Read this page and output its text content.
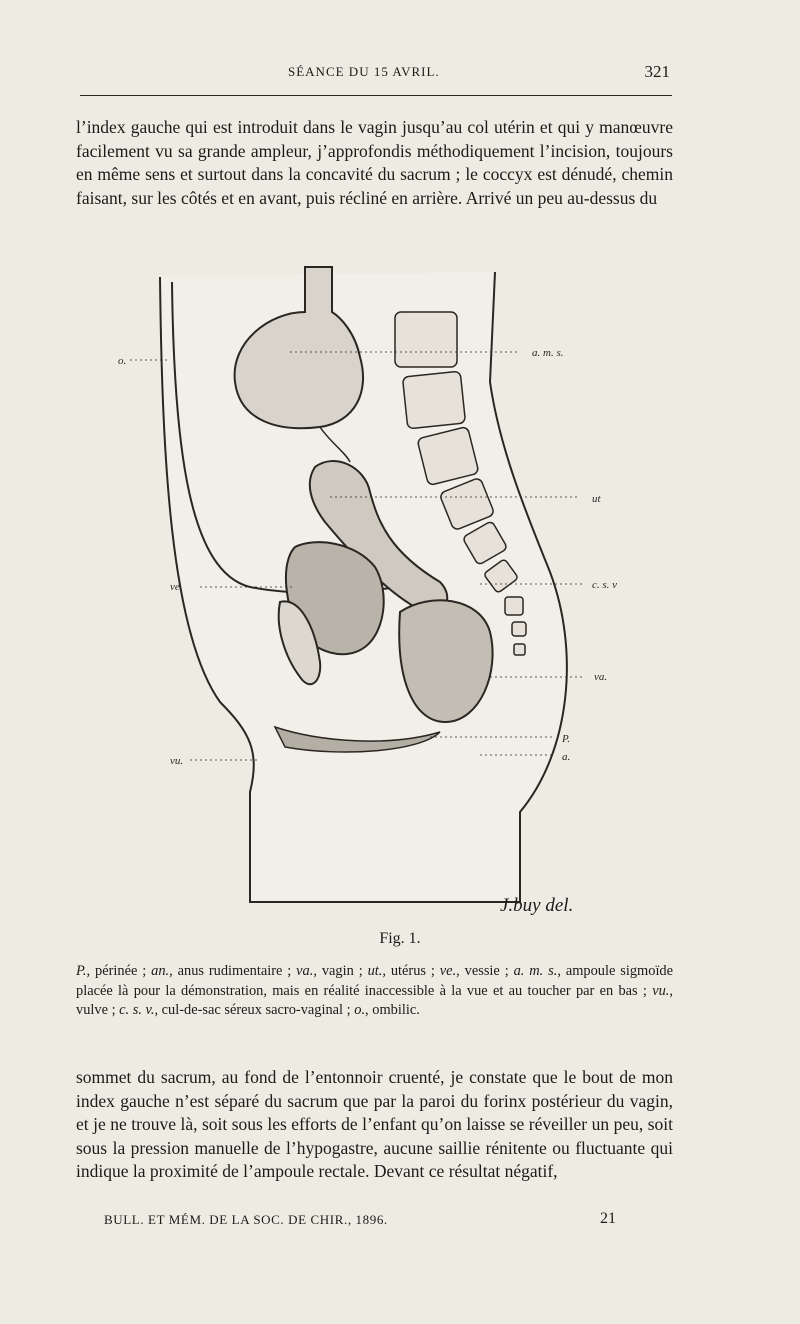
SÉANCE DU 15 AVRIL.	321

l’index gauche qui est introduit dans le vagin jusqu’au col utérin et qui y manœuvre facilement vu sa grande ampleur, j’approfondis méthodiquement l’incision, toujours en même sens et surtout dans la concavité du sacrum ; le coccyx est dénudé, chemin faisant, sur les côtés et en avant, puis récliné en arrière. Arrivé un peu au-dessus du

o.
a. m. s.
ut
ve.	c. s. v
va.
P.
a.
vu.
J.buy del.
Fig. 1.

P., périnée ; an., anus rudimentaire ; va., vagin ; ut., utérus ; ve., vessie ; a. m. s., ampoule sigmoïde placée là pour la démonstration, mais en réalité inaccessible à la vue et au toucher par en bas ; vu., vulve ; c. s. v., cul-de-sac séreux sacro-vaginal ; o., ombilic.

sommet du sacrum, au fond de l’entonnoir cruenté, je constate que le bout de mon index gauche n’est séparé du sacrum que par la paroi du forinx postérieur du vagin, et je ne trouve là, soit sous les efforts de l’enfant qu’on laisse se réveiller un peu, soit sous la pression manuelle de l’hypogastre, aucune saillie rénitente ou fluctuante qui indique la proximité de l’ampoule rectale. Devant ce résultat négatif,

BULL. ET MÉM. DE LA SOC. DE CHIR., 1896.	21
